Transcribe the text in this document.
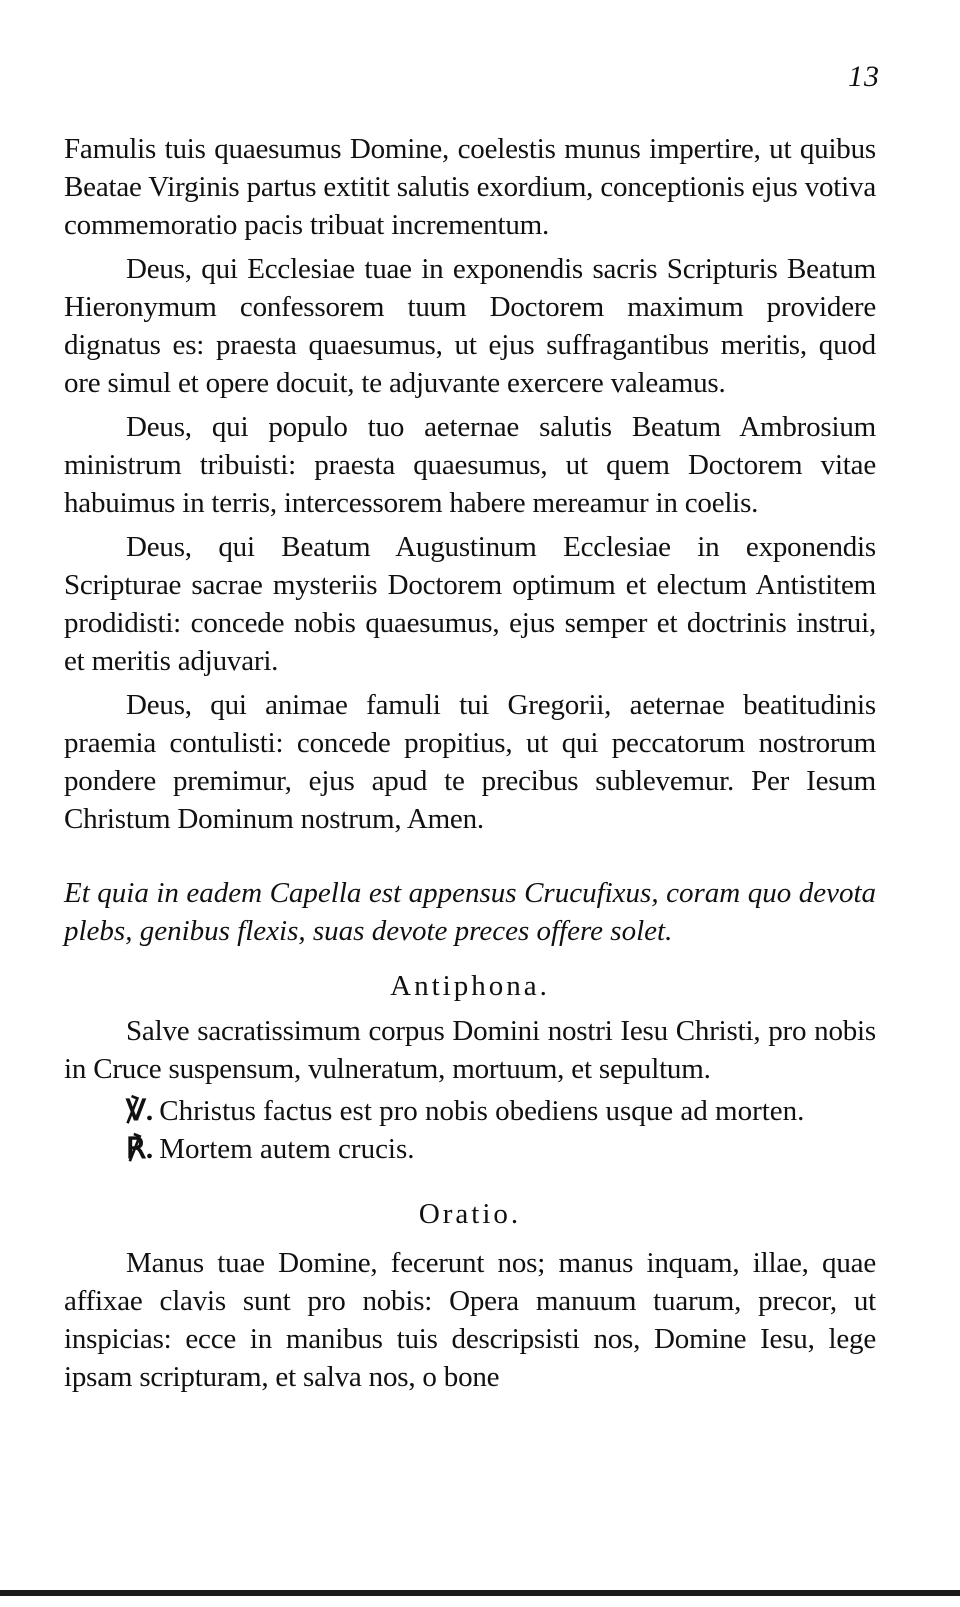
13

Famulis tuis quaesumus Domine, coelestis munus impertire, ut quibus Beatae Virginis partus extitit salutis exordium, conceptionis ejus votiva commemoratio pacis tribuat incrementum.

Deus, qui Ecclesiae tuae in exponendis sacris Scripturis Beatum Hieronymum confessorem tuum Doctorem maximum providere dignatus es: praesta quaesumus, ut ejus suffragantibus meritis, quod ore simul et opere docuit, te adjuvante exercere valeamus.

Deus, qui populo tuo aeternae salutis Beatum Ambrosium ministrum tribuisti: praesta quaesumus, ut quem Doctorem vitae habuimus in terris, intercessorem habere mereamur in coelis.

Deus, qui Beatum Augustinum Ecclesiae in exponendis Scripturae sacrae mysteriis Doctorem optimum et electum Antistitem prodidisti: concede nobis quaesumus, ejus semper et doctrinis instrui, et meritis adjuvari.

Deus, qui animae famuli tui Gregorii, aeternae beatitudinis praemia contulisti: concede propitius, ut qui peccatorum nostrorum pondere premimur, ejus apud te precibus sublevemur. Per Iesum Christum Dominum nostrum, Amen.

Et quia in eadem Capella est appensus Crucufixus, coram quo devota plebs, genibus flexis, suas devote preces offere solet.

Antiphona.

Salve sacratissimum corpus Domini nostri Iesu Christi, pro nobis in Cruce suspensum, vulneratum, mortuum, et sepultum.

℣. Christus factus est pro nobis obediens usque ad morten.
℟. Mortem autem crucis.
Oratio.

Manus tuae Domine, fecerunt nos; manus inquam, illae, quae affixae clavis sunt pro nobis: Opera manuum tuarum, precor, ut inspicias: ecce in manibus tuis descripsisti nos, Domine Iesu, lege ipsam scripturam, et salva nos, o bone
